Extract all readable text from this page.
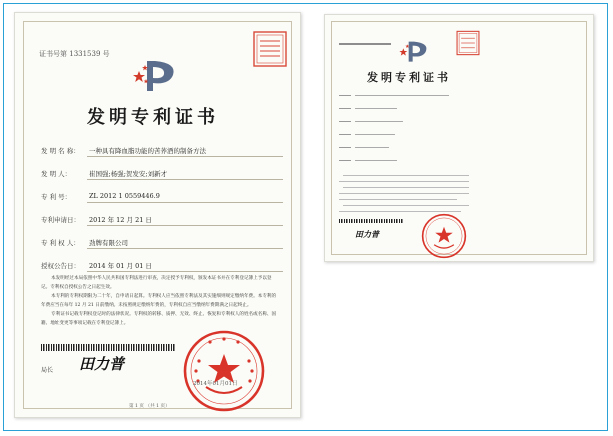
证书号第 1331539 号
发明专利证书
发 明 名 称： 一种具有降血脂功能的苦荞酒的制备方法
发 明 人：	崔国强;杨强;贺发安;刘新才
专 利 号：	ZL 2012 1 0559446.9
专利申请日： 2012 年 12 月 21 日
专 利 权 人： 劲牌有限公司
授权公告日： 2014 年 01 月 01 日
本发明经过本局依照中华人民共和国专利法进行审查，决定授予专利权，颁发本证书并在专利登记簿上予以登记。专利权自授权公告之日起生效。
本专利的专利权期限为二十年，自申请日起算。专利权人应当依照专利法及其实施细则规定缴纳年费。本专利的年费应当在每年 12 月 21 日前缴纳。未按照规定缴纳年费的，专利权自应当缴纳年费期满之日起终止。
专利证书记载专利权登记时的法律状况。专利权的转移、质押、无效、终止、恢复和专利权人的姓名或名称、国籍、地址变更等事项记载在专利登记簿上。
局长 田力普
2014年01月01日
第 1 页 （共 1 页）
发明专利证书
田力普
